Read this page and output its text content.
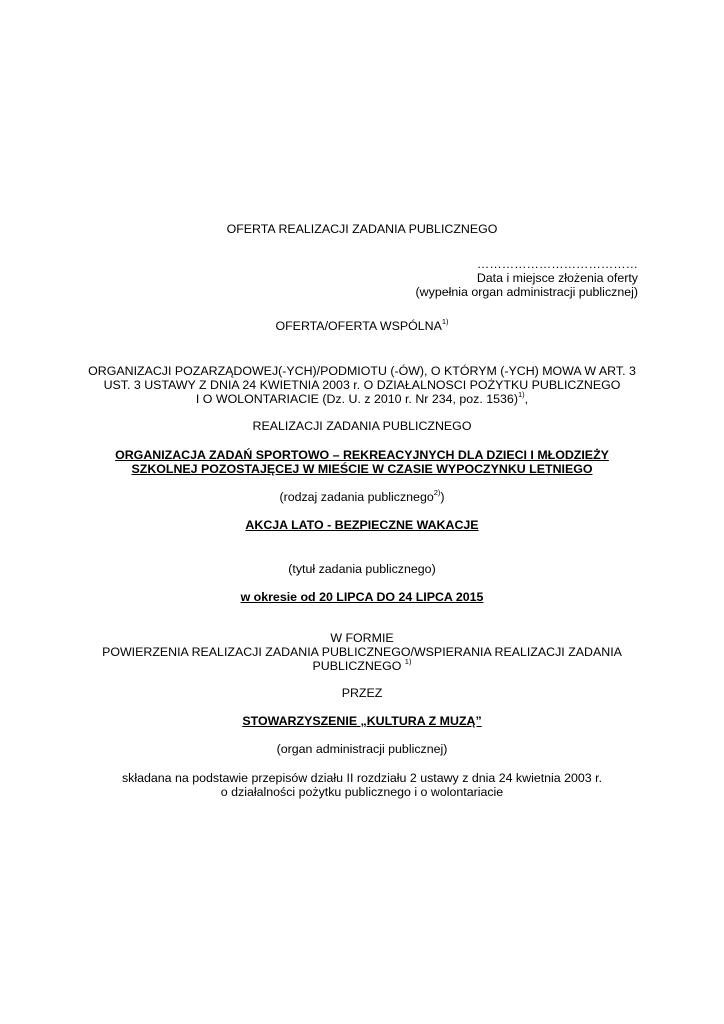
OFERTA REALIZACJI ZADANIA PUBLICZNEGO
…………………………………
Data i miejsce złożenia oferty
(wypełnia organ administracji publicznej)
OFERTA/OFERTA WSPÓLNA$^{1)}$
ORGANIZACJI POZARZĄDOWEJ(-YCH)/PODMIOTU (-ÓW), O KTÓRYM (-YCH) MOWA W ART. 3
UST. 3 USTAWY Z DNIA 24 KWIETNIA 2003 r. O DZIAŁALNOSCI POŻYTKU PUBLICZNEGO
I O WOLONTARIACIE (Dz. U. z 2010 r. Nr 234, poz. 1536)$^{1)}$,
REALIZACJI ZADANIA PUBLICZNEGO
ORGANIZACJA ZADAŃ SPORTOWO – REKREACYJNYCH DLA DZIECI I MŁODZIEŻY
SZKOLNEJ POZOSTAJĘCEJ W MIEŚCIE W CZASIE WYPOCZYNKU LETNIEGO
(rodzaj zadania publicznego$^{2)}$)
AKCJA LATO - BEZPIECZNE WAKACJE
(tytuł zadania publicznego)
w okresie od 20 LIPCA DO 24 LIPCA 2015
W FORMIE
POWIERZENIA REALIZACJI ZADANIA PUBLICZNEGO/WSPIERANIA REALIZACJI ZADANIA
PUBLICZNEGO $^{1)}$
PRZEZ
STOWARZYSZENIE „KULTURA Z MUZĄ”
(organ administracji publicznej)
składana na podstawie przepisów działu II rozdziału 2 ustawy z dnia 24 kwietnia 2003 r.
o działalności pożytku publicznego i o wolontariacie
